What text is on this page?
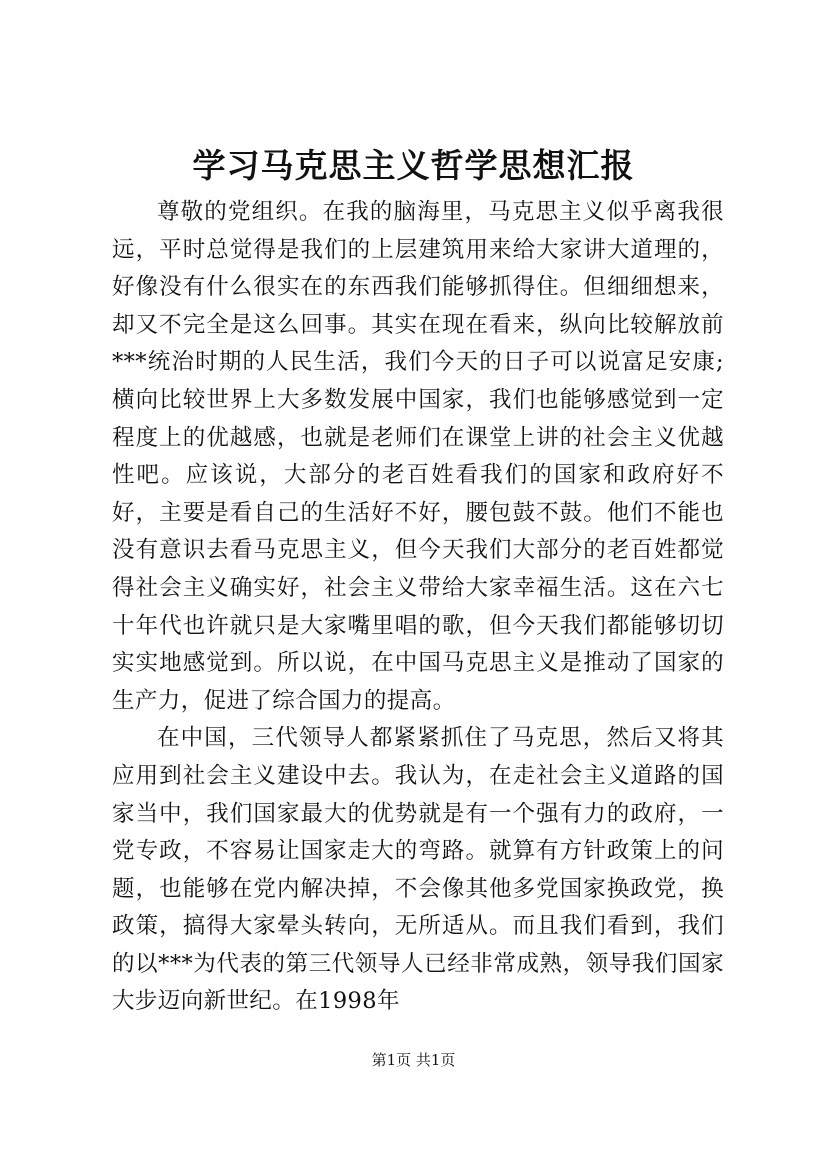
学习马克思主义哲学思想汇报

尊敬的党组织。在我的脑海里，马克思主义似乎离我很远，平时总觉得是我们的上层建筑用来给大家讲大道理的，好像没有什么很实在的东西我们能够抓得住。但细细想来，却又不完全是这么回事。其实在现在看来，纵向比较解放前***统治时期的人民生活，我们今天的日子可以说富足安康;横向比较世界上大多数发展中国家，我们也能够感觉到一定程度上的优越感，也就是老师们在课堂上讲的社会主义优越性吧。应该说，大部分的老百姓看我们的国家和政府好不好，主要是看自己的生活好不好，腰包鼓不鼓。他们不能也没有意识去看马克思主义，但今天我们大部分的老百姓都觉得社会主义确实好，社会主义带给大家幸福生活。这在六七十年代也许就只是大家嘴里唱的歌，但今天我们都能够切切实实地感觉到。所以说，在中国马克思主义是推动了国家的生产力，促进了综合国力的提高。

在中国，三代领导人都紧紧抓住了马克思，然后又将其应用到社会主义建设中去。我认为，在走社会主义道路的国家当中，我们国家最大的优势就是有一个强有力的政府，一党专政，不容易让国家走大的弯路。就算有方针政策上的问题，也能够在党内解决掉，不会像其他多党国家换政党，换政策，搞得大家晕头转向，无所适从。而且我们看到，我们的以***为代表的第三代领导人已经非常成熟，领导我们国家大步迈向新世纪。在1998年

第1页 共1页
